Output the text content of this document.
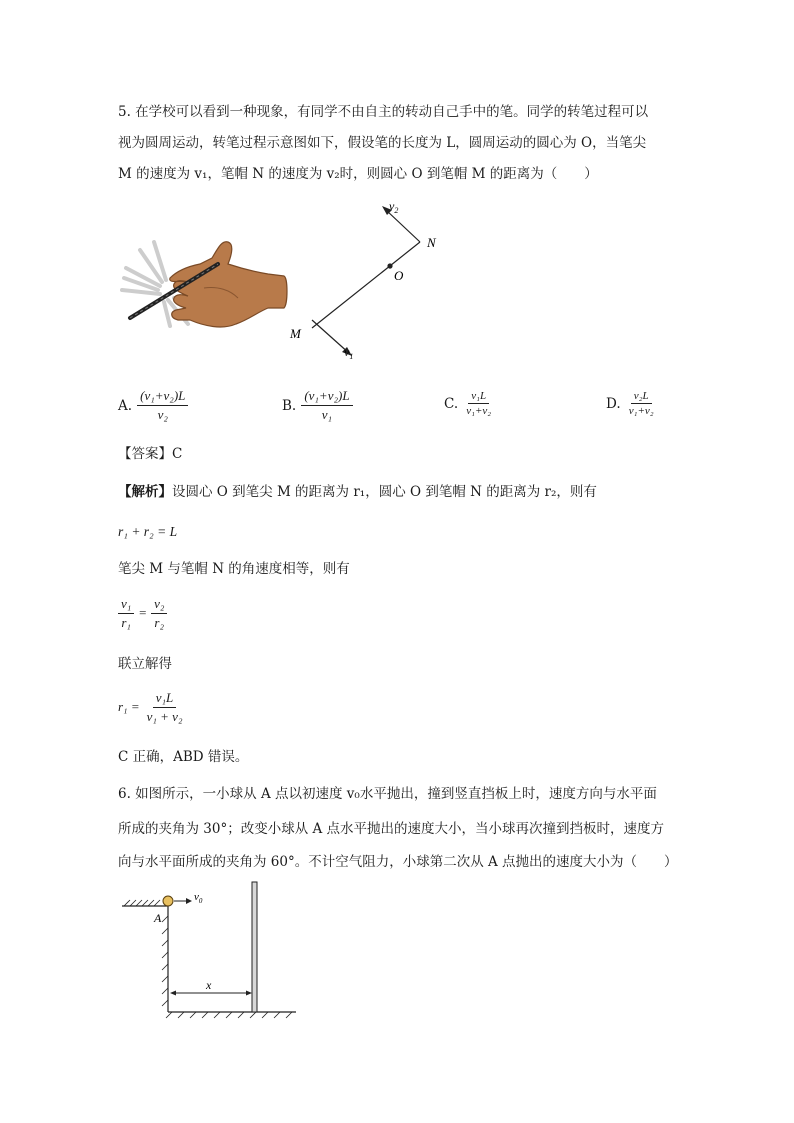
5. 在学校可以看到一种现象，有同学不由自主的转动自己手中的笔。同学的转笔过程可以
视为圆周运动，转笔过程示意图如下，假设笔的长度为 L，圆周运动的圆心为 O，当笔尖
M 的速度为 v₁，笔帽 N 的速度为 v₂时，则圆心 O 到笔帽 M 的距离为（　　）
$v_2$
N
O
M
$v_1$
A. $\frac{\text{(v₁+v₂)L}}{\text{v₂}}$	B. $\frac{\text{(v₁+v₂)L}}{\text{v₁}}$	C. $\frac{\text{v₁L}}{\text{v₁+v₂}}$	D. $\frac{\text{v₂L}}{\text{v₁+v₂}}$
【答案】C
【解析】设圆心 O 到笔尖 M 的距离为 r₁，圆心 O 到笔帽 N 的距离为 r₂，则有
r₁ + r₂ = L
笔尖 M 与笔帽 N 的角速度相等，则有
$\frac{\text{v₁}}{\text{r₁}} = \frac{\text{v₂}}{\text{r₂}}$
联立解得
$r_1 = \frac{\text{v₁L}}{\text{v₁ + v₂}}$
C 正确，ABD 错误。
6. 如图所示，一小球从 A 点以初速度 v₀水平抛出，撞到竖直挡板上时，速度方向与水平面
所成的夹角为 30°；改变小球从 A 点水平抛出的速度大小，当小球再次撞到挡板时，速度方
向与水平面所成的夹角为 60°。不计空气阻力，小球第二次从 A 点抛出的速度大小为（　　）
$v_0$
A
x
